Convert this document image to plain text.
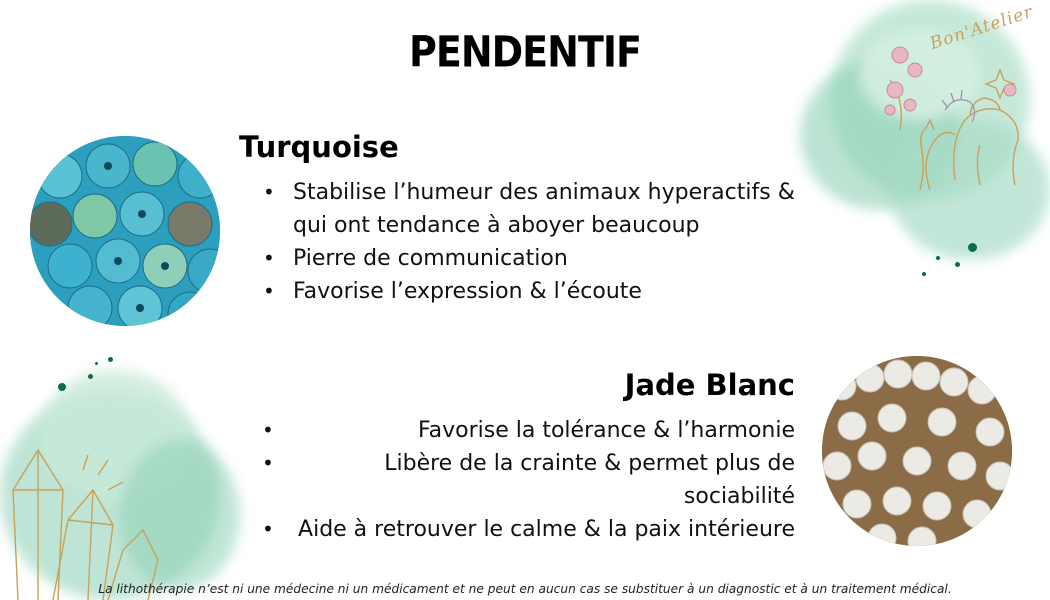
Bon'Atelier
PENDENTIF
Turquoise
• Stabilise l’humeur des animaux hyperactifs & qui ont tendance à aboyer beaucoup
• Pierre de communication
• Favorise l’expression & l’écoute
Jade Blanc
• Favorise la tolérance & l’harmonie
• Libère de la crainte & permet plus de sociabilité
• Aide à retrouver le calme & la paix intérieure

La lithothérapie n’est ni une médecine ni un médicament et ne peut en aucun cas se substituer à un diagnostic et à un traitement médical.
